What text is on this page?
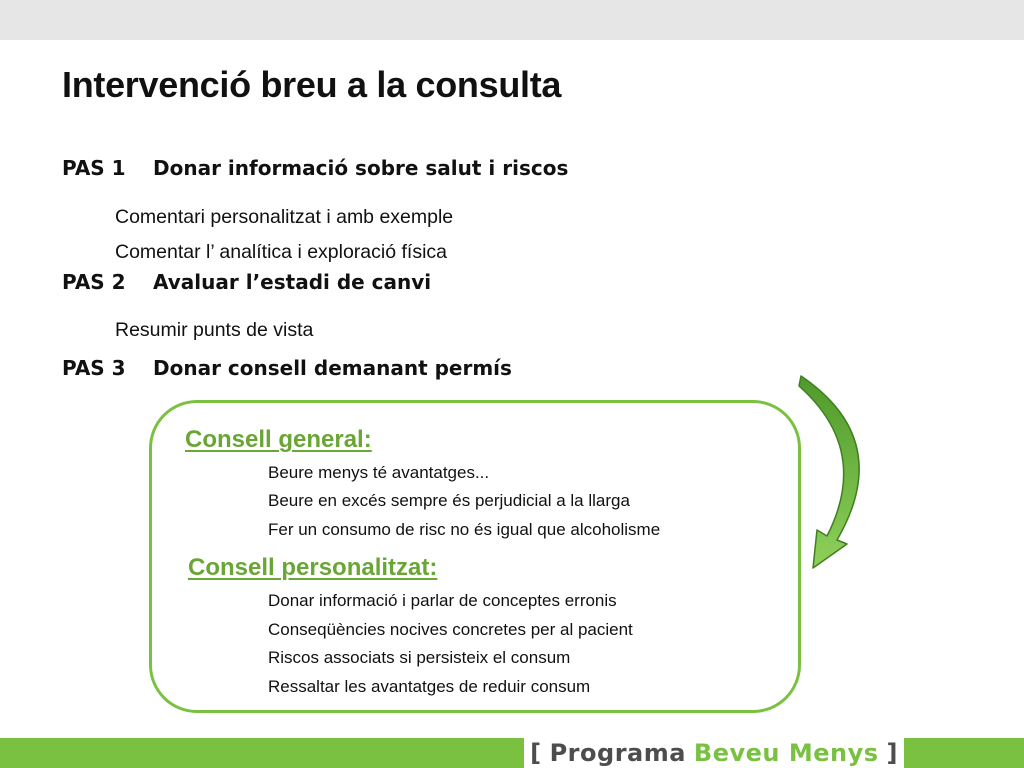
Intervenció breu a la consulta
PAS 1 Donar informació sobre salut i riscos
Comentari personalitzat i amb exemple
Comentar l’ analítica i exploració física
PAS 2 Avaluar l’estadi de canvi
Resumir punts de vista
PAS 3 Donar consell demanant permís
Consell general:
Beure menys té avantatges...
Beure en excés sempre és perjudicial a la llarga
Fer un consumo de risc no és igual que alcoholisme
Consell personalitzat:
Donar informació i parlar de conceptes erronis
Conseqüències nocives concretes per al pacient
Riscos associats si persisteix el consum
Ressaltar les avantatges de reduir consum
[ Programa Beveu Menys ]
